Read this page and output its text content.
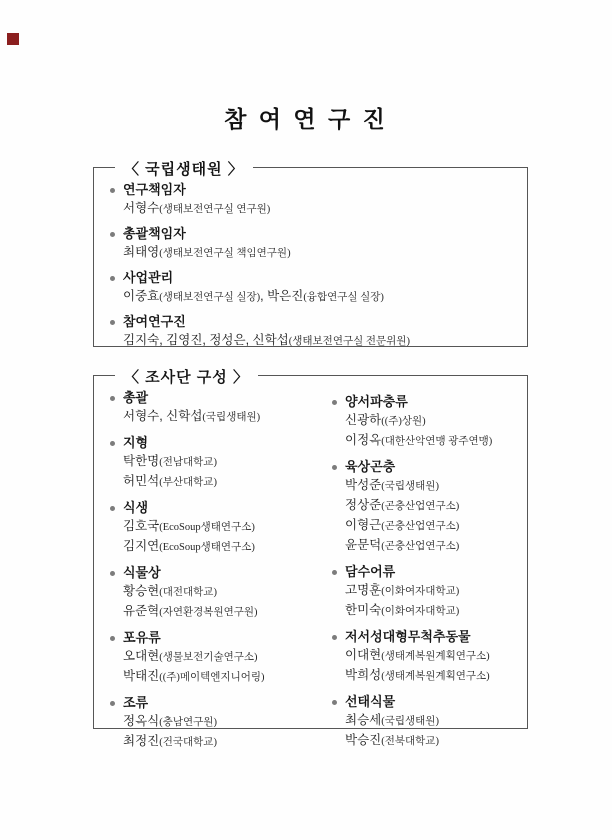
참 여 연 구 진
〈 국립생태원 〉
연구책임자
서형수(생태보전연구실 연구원)
총괄책임자
최태영(생태보전연구실 책임연구원)
사업관리
이중효(생태보전연구실 실장), 박은진(융합연구실 실장)
참여연구진
김지숙, 김영진, 정성은, 신학섭(생태보전연구실 전문위원)
〈 조사단 구성 〉
총괄
서형수, 신학섭(국립생태원)
지형
탁한명(전남대학교)
허민석(부산대학교)
식생
김호국(EcoSoup생태연구소)
김지연(EcoSoup생태연구소)
식물상
황승현(대전대학교)
유준혁(자연환경복원연구원)
포유류
오대현(생물보전기술연구소)
박태진((주)메이텍엔지니어링)
조류
정옥식(충남연구원)
최정진(건국대학교)
양서파충류
신광하((주)상원)
이정옥(대한산악연맹 광주연맹)
육상곤충
박성준(국립생태원)
정상준(곤충산업연구소)
이형근(곤충산업연구소)
윤문덕(곤충산업연구소)
담수어류
고명훈(이화여자대학교)
한미숙(이화여자대학교)
저서성대형무척추동물
이대현(생태계복원계획연구소)
박희성(생태계복원계획연구소)
선태식물
최승세(국립생태원)
박승진(전북대학교)
